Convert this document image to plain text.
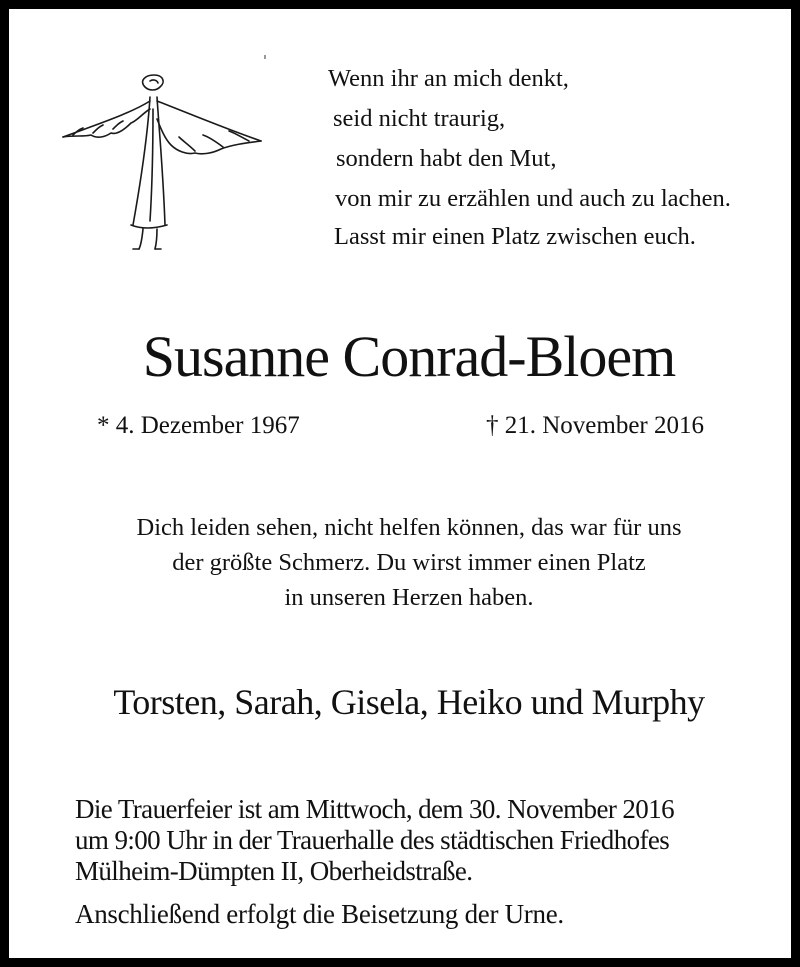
Wenn ihr an mich denkt,
seid nicht traurig,
sondern habt den Mut,
von mir zu erzählen und auch zu lachen.
Lasst mir einen Platz zwischen euch.
Susanne Conrad-Bloem
* 4. Dezember 1967	† 21. November 2016
Dich leiden sehen, nicht helfen können, das war für uns
der größte Schmerz. Du wirst immer einen Platz
in unseren Herzen haben.
Torsten, Sarah, Gisela, Heiko und Murphy
Die Trauerfeier ist am Mittwoch, dem 30. November 2016
um 9:00 Uhr in der Trauerhalle des städtischen Friedhofes
Mülheim-Dümpten II, Oberheidstraße.
Anschließend erfolgt die Beisetzung der Urne.
